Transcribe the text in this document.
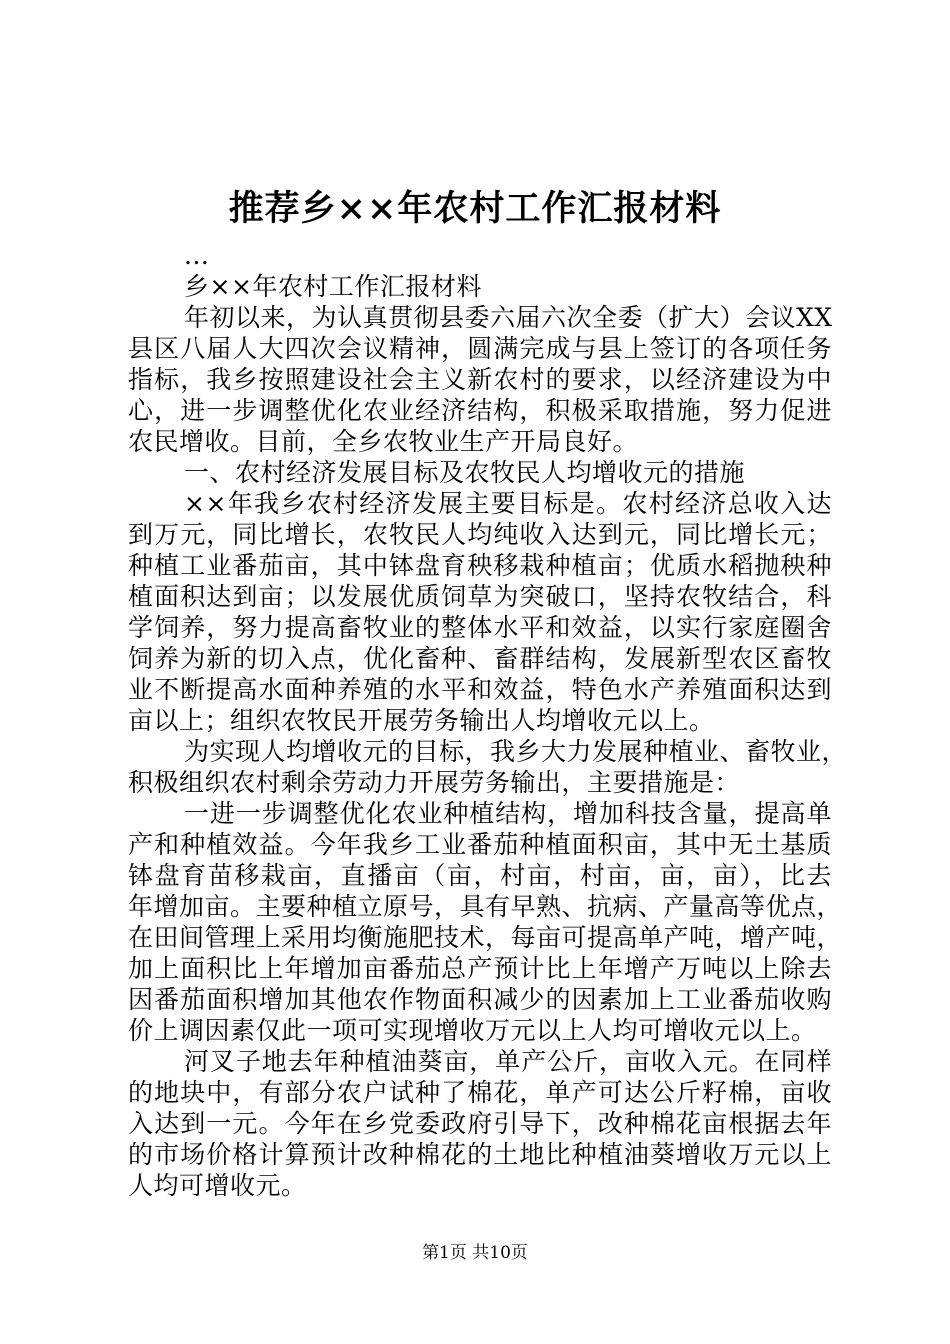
推荐乡××年农村工作汇报材料
...
乡××年农村工作汇报材料
年初以来，为认真贯彻县委六届六次全委（扩大）会议XX
县区八届人大四次会议精神，圆满完成与县上签订的各项任务
指标，我乡按照建设社会主义新农村的要求，以经济建设为中
心，进一步调整优化农业经济结构，积极采取措施，努力促进
农民增收。目前，全乡农牧业生产开局良好。
一、农村经济发展目标及农牧民人均增收元的措施
××年我乡农村经济发展主要目标是。农村经济总收入达
到万元，同比增长，农牧民人均纯收入达到元，同比增长元；
种植工业番茄亩，其中钵盘育秧移栽种植亩；优质水稻抛秧种
植面积达到亩；以发展优质饲草为突破口，坚持农牧结合，科
学饲养，努力提高畜牧业的整体水平和效益，以实行家庭圈舍
饲养为新的切入点，优化畜种、畜群结构，发展新型农区畜牧
业不断提高水面种养殖的水平和效益，特色水产养殖面积达到
亩以上；组织农牧民开展劳务输出人均增收元以上。
为实现人均增收元的目标，我乡大力发展种植业、畜牧业，
积极组织农村剩余劳动力开展劳务输出，主要措施是：
一进一步调整优化农业种植结构，增加科技含量，提高单
产和种植效益。今年我乡工业番茄种植面积亩，其中无土基质
钵盘育苗移栽亩，直播亩（亩，村亩，村亩，亩，亩），比去
年增加亩。主要种植立原号，具有早熟、抗病、产量高等优点，
在田间管理上采用均衡施肥技术，每亩可提高单产吨，增产吨，
加上面积比上年增加亩番茄总产预计比上年增产万吨以上除去
因番茄面积增加其他农作物面积减少的因素加上工业番茄收购
价上调因素仅此一项可实现增收万元以上人均可增收元以上。
河叉子地去年种植油葵亩，单产公斤，亩收入元。在同样
的地块中，有部分农户试种了棉花，单产可达公斤籽棉，亩收
入达到一元。今年在乡党委政府引导下，改种棉花亩根据去年
的市场价格计算预计改种棉花的土地比种植油葵增收万元以上
人均可增收元。
第1页 共10页
